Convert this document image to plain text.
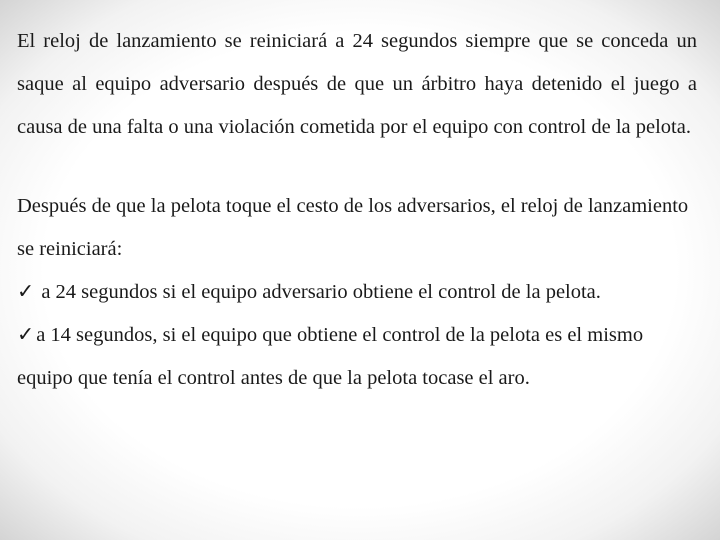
El reloj de lanzamiento se reiniciará a 24 segundos siempre que se conceda un saque al equipo adversario después de que un árbitro haya detenido el juego a causa de una falta o una violación cometida por el equipo con control de la pelota.

Después de que la pelota toque el cesto de los adversarios, el reloj de lanzamiento se reiniciará:

✓ a 24 segundos si el equipo adversario obtiene el control de la pelota.

✓a 14 segundos, si el equipo que obtiene el control de la pelota es el mismo equipo que tenía el control antes de que la pelota tocase el aro.
